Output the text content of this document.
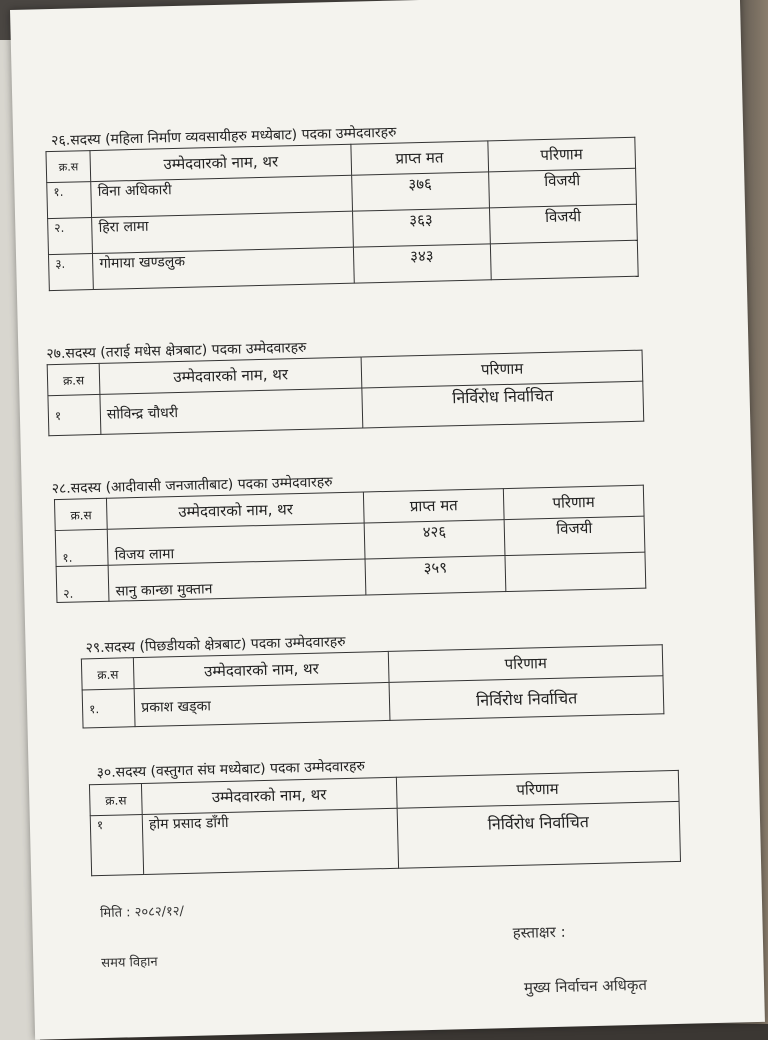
२६.सदस्य (महिला निर्माण व्यवसायीहरु मध्येबाट) पदका उम्मेदवारहरु
क्र.स	उम्मेदवारको नाम, थर	प्राप्त मत	परिणाम
१.	विना अधिकारी	३७६	विजयी
२.	हिरा लामा	३६३	विजयी
३.	गोमाया खण्डलुक	३४३	
२७.सदस्य (तराई मधेस क्षेत्रबाट) पदका उम्मेदवारहरु
क्र.स	उम्मेदवारको नाम, थर	परिणाम
१	सोविन्द्र चौधरी	निर्विरोध निर्वाचित
२८.सदस्य (आदीवासी जनजातीबाट) पदका उम्मेदवारहरु
क्र.स	उम्मेदवारको नाम, थर	प्राप्त मत	परिणाम
१.	विजय लामा	४२६	विजयी
२.	सानु कान्छा मुक्तान	३५९	
२९.सदस्य (पिछडीयको क्षेत्रबाट) पदका उम्मेदवारहरु
क्र.स	उम्मेदवारको नाम, थर	परिणाम
१.	प्रकाश खड्का	निर्विरोध निर्वाचित
३०.सदस्य (वस्तुगत संघ मध्येबाट) पदका उम्मेदवारहरु
क्र.स	उम्मेदवारको नाम, थर	परिणाम
१	होम प्रसाद डाँगी	निर्विरोध निर्वाचित
मिति : २०८२/१२/
समय विहान
हस्ताक्षर :
मुख्य निर्वाचन अधिकृत
